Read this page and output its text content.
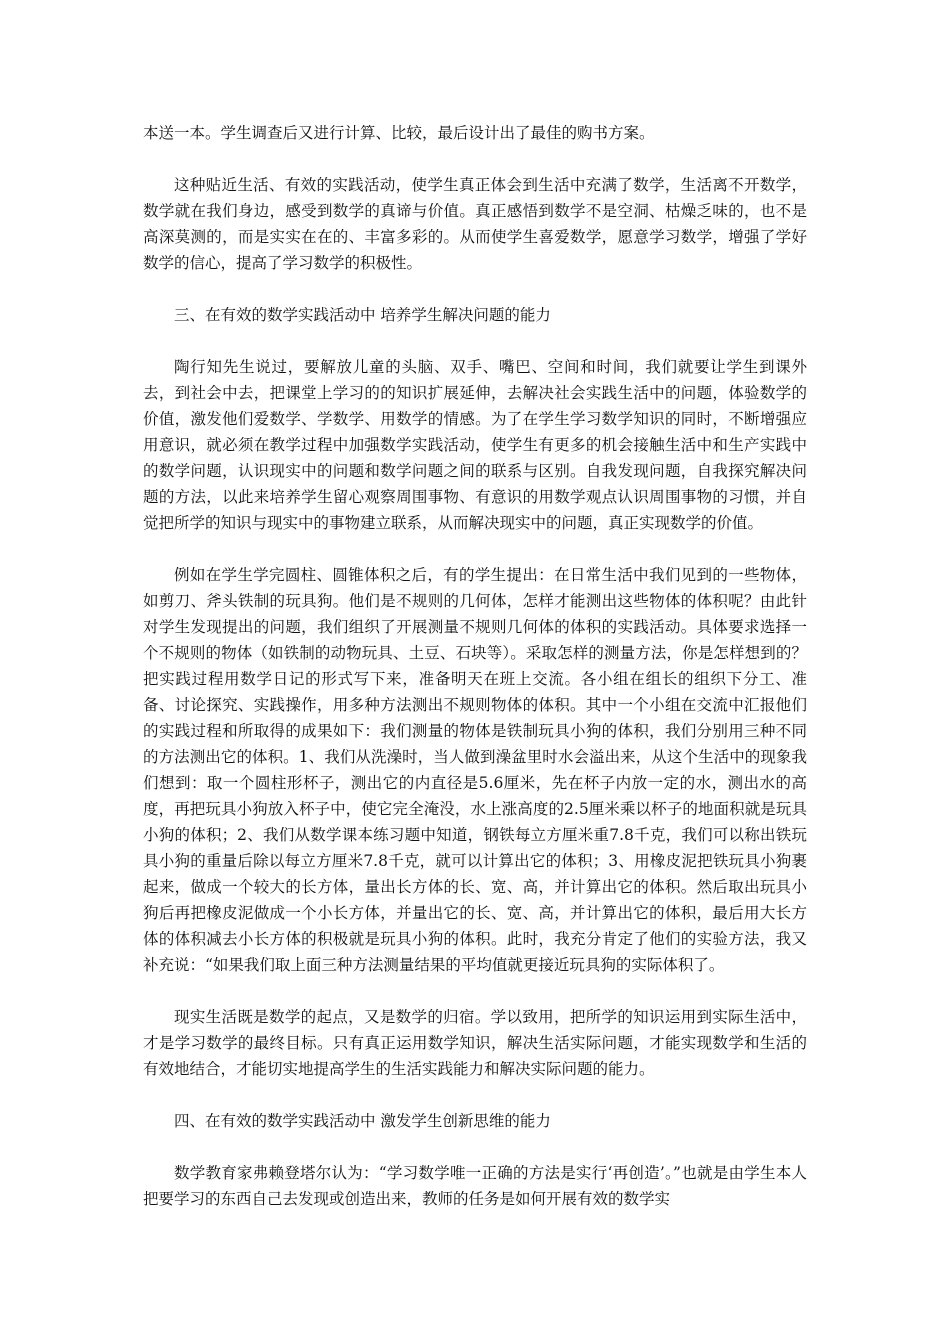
本送一本。学生调查后又进行计算、比较，最后设计出了最佳的购书方案。

这种贴近生活、有效的实践活动，使学生真正体会到生活中充满了数学，生活离不开数学，数学就在我们身边，感受到数学的真谛与价值。真正感悟到数学不是空洞、枯燥乏味的，也不是高深莫测的，而是实实在在的、丰富多彩的。从而使学生喜爱数学，愿意学习数学，增强了学好数学的信心，提高了学习数学的积极性。

三、在有效的数学实践活动中 培养学生解决问题的能力

陶行知先生说过，要解放儿童的头脑、双手、嘴巴、空间和时间，我们就要让学生到课外去，到社会中去，把课堂上学习的的知识扩展延伸，去解决社会实践生活中的问题，体验数学的价值，激发他们爱数学、学数学、用数学的情感。为了在学生学习数学知识的同时，不断增强应用意识，就必须在教学过程中加强数学实践活动，使学生有更多的机会接触生活中和生产实践中的数学问题，认识现实中的问题和数学问题之间的联系与区别。自我发现问题，自我探究解决问题的方法，以此来培养学生留心观察周围事物、有意识的用数学观点认识周围事物的习惯，并自觉把所学的知识与现实中的事物建立联系，从而解决现实中的问题，真正实现数学的价值。

例如在学生学完圆柱、圆锥体积之后，有的学生提出：在日常生活中我们见到的一些物体，如剪刀、斧头铁制的玩具狗。他们是不规则的几何体，怎样才能测出这些物体的体积呢？由此针对学生发现提出的问题，我们组织了开展测量不规则几何体的体积的实践活动。具体要求选择一个不规则的物体（如铁制的动物玩具、土豆、石块等）。采取怎样的测量方法，你是怎样想到的？把实践过程用数学日记的形式写下来，准备明天在班上交流。各小组在组长的组织下分工、准备、讨论探究、实践操作，用多种方法测出不规则物体的体积。其中一个小组在交流中汇报他们的实践过程和所取得的成果如下：我们测量的物体是铁制玩具小狗的体积，我们分别用三种不同的方法测出它的体积。1、我们从洗澡时，当人做到澡盆里时水会溢出来，从这个生活中的现象我们想到：取一个圆柱形杯子，测出它的内直径是5.6厘米，先在杯子内放一定的水，测出水的高度，再把玩具小狗放入杯子中，使它完全淹没，水上涨高度的2.5厘米乘以杯子的地面积就是玩具小狗的体积；2、我们从数学课本练习题中知道，钢铁每立方厘米重7.8千克，我们可以称出铁玩具小狗的重量后除以每立方厘米7.8千克，就可以计算出它的体积；3、用橡皮泥把铁玩具小狗裹起来，做成一个较大的长方体，量出长方体的长、宽、高，并计算出它的体积。然后取出玩具小狗后再把橡皮泥做成一个小长方体，并量出它的长、宽、高，并计算出它的体积，最后用大长方体的体积减去小长方体的积极就是玩具小狗的体积。此时，我充分肯定了他们的实验方法，我又补充说：“如果我们取上面三种方法测量结果的平均值就更接近玩具狗的实际体积了。

现实生活既是数学的起点，又是数学的归宿。学以致用，把所学的知识运用到实际生活中，才是学习数学的最终目标。只有真正运用数学知识，解决生活实际问题，才能实现数学和生活的有效地结合，才能切实地提高学生的生活实践能力和解决实际问题的能力。

四、在有效的数学实践活动中 激发学生创新思维的能力

数学教育家弗赖登塔尔认为：“学习数学唯一正确的方法是实行‘再创造’。”也就是由学生本人把要学习的东西自己去发现或创造出来，教师的任务是如何开展有效的数学实
